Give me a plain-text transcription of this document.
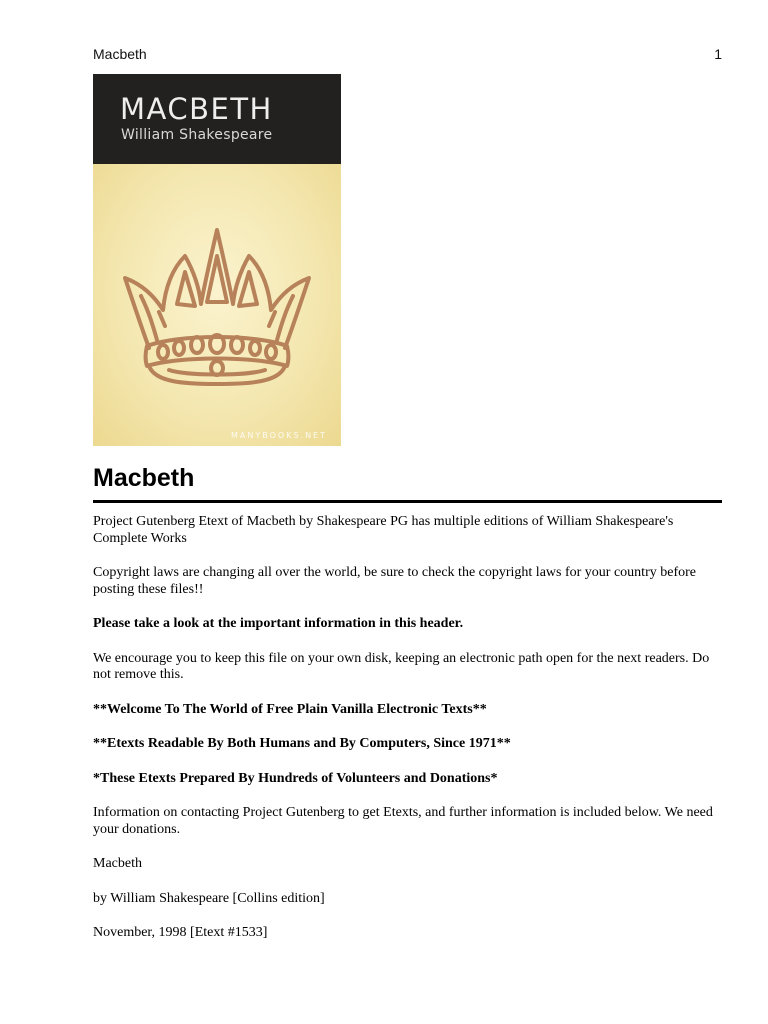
Macbeth	1
MACBETH
William Shakespeare
MANYBOOKS.NET
Macbeth

Project Gutenberg Etext of Macbeth by Shakespeare PG has multiple editions of William Shakespeare's Complete Works

Copyright laws are changing all over the world, be sure to check the copyright laws for your country before posting these files!!

Please take a look at the important information in this header.

We encourage you to keep this file on your own disk, keeping an electronic path open for the next readers. Do not remove this.

**Welcome To The World of Free Plain Vanilla Electronic Texts**

**Etexts Readable By Both Humans and By Computers, Since 1971**

*These Etexts Prepared By Hundreds of Volunteers and Donations*

Information on contacting Project Gutenberg to get Etexts, and further information is included below. We need your donations.

Macbeth

by William Shakespeare [Collins edition]

November, 1998 [Etext #1533]
